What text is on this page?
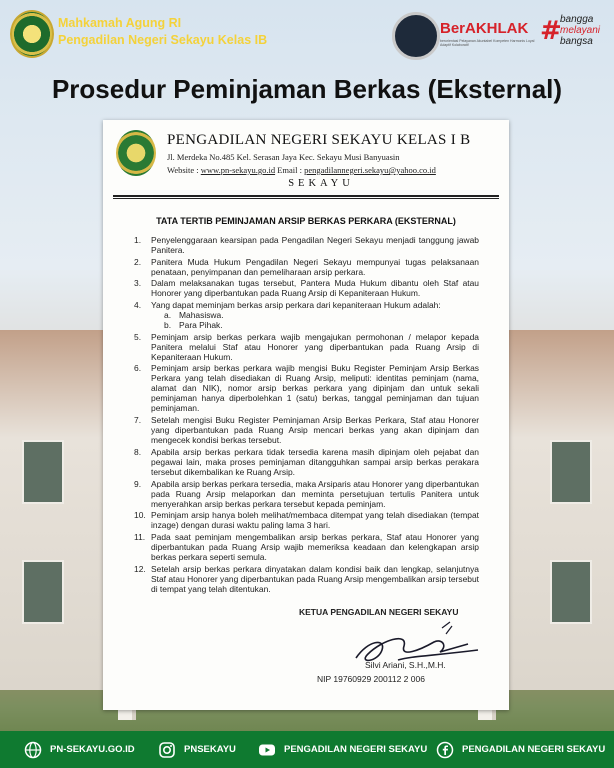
Mahkamah Agung RI
Pengadilan Negeri Sekayu Kelas IB
BerAKHLAK
berorientasi Pelayanan Akuntabel Kompeten Harmonis Loyal Adaptif Kolaboratif	#
bangga
melayani
bangsa
Prosedur Peminjaman Berkas (Eksternal)
PENGADILAN NEGERI SEKAYU KELAS I B
Jl. Merdeka No.485 Kel. Serasan Jaya Kec. Sekayu Musi Banyuasin
Website : www.pn-sekayu.go.id Email : pengadilannegeri.sekayu@yahoo.co.id
SEKAYU
TATA TERTIB PEMINJAMAN ARSIP BERKAS PERKARA (EKSTERNAL)
1. Penyelenggaraan kearsipan pada Pengadilan Negeri Sekayu menjadi tanggung jawab Panitera.
2. Panitera Muda Hukum Pengadilan Negeri Sekayu mempunyai tugas pelaksanaan penataan, penyimpanan dan pemeliharaan arsip perkara.
3. Dalam melaksanakan tugas tersebut, Pantera Muda Hukum dibantu oleh Staf atau Honorer yang diperbantukan pada Ruang Arsip di Kepaniteraan Hukum.
4. Yang dapat meminjam berkas arsip perkara dari kepaniteraan Hukum adalah:
a. Mahasiswa.
b. Para Pihak.
5. Peminjam arsip berkas perkara wajib mengajukan permohonan / melapor kepada Panitera melalui Staf atau Honorer yang diperbantukan pada Ruang Arsip di Kepaniteraan Hukum.
6. Peminjam arsip berkas perkara wajib mengisi Buku Register Peminjam Arsip Berkas Perkara yang telah disediakan di Ruang Arsip, meliputi: identitas peminjam (nama, alamat dan NIK), nomor arsip berkas perkara yang dipinjam dan untuk sekali peminjaman hanya diperbolehkan 1 (satu) berkas, tanggal peminjaman dan tujuan peminjaman.
7. Setelah mengisi Buku Register Peminjaman Arsip Berkas Perkara, Staf atau Honorer yang diperbantukan pada Ruang Arsip mencari berkas yang akan dipinjam dan mengecek kondisi berkas tersebut.
8. Apabila arsip berkas perkara tidak tersedia karena masih dipinjam oleh pejabat dan pegawai lain, maka proses peminjaman ditangguhkan sampai arsip berkas perakara tersebut dikembalikan ke Ruang Arsip.
9. Apabila arsip berkas perkara tersedia, maka Arsiparis atau Honorer yang diperbantukan pada Ruang Arsip melaporkan dan meminta persetujuan tertulis Panitera untuk menyerahkan arsip berkas perkara tersebut kepada peminjam.
10. Peminjam arsip hanya boleh melihat/membaca ditempat yang telah disediakan (tempat inzage) dengan durasi waktu paling lama 3 hari.
11. Pada saat peminjam mengembalikan arsip berkas perkara, Staf atau Honorer yang diperbantukan pada Ruang Arsip wajib memeriksa keadaan dan kelengkapan arsip berkas perkara seperti semula.
12. Setelah arsip berkas perkara dinyatakan dalam kondisi baik dan lengkap, selanjutnya Staf atau Honorer yang diperbantukan pada Ruang Arsip mengembalikan arsip tersebut di tempat yang telah ditentukan.
KETUA PENGADILAN NEGERI SEKAYU
Silvi Ariani, S.H.,M.H.
NIP 19760929 200112 2 006
PN-SEKAYU.GO.ID	PNSEKAYU	PENGADILAN NEGERI SEKAYU	PENGADILAN NEGERI SEKAYU
